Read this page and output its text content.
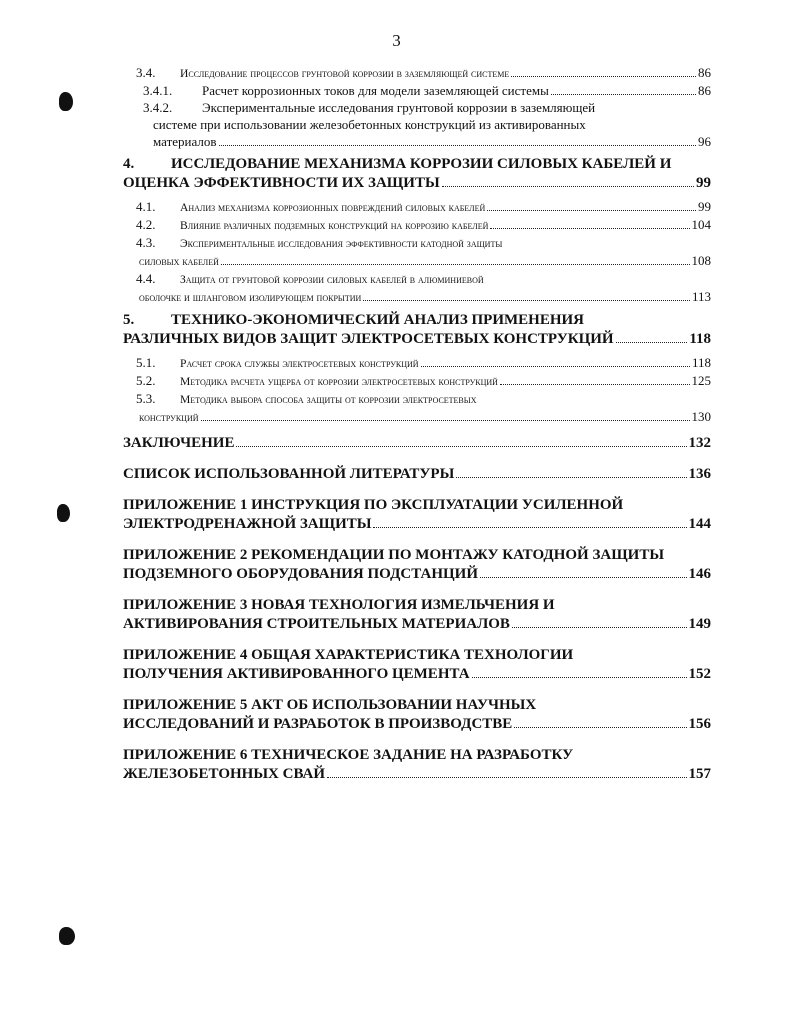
3
3.4.	Исследование процессов грунтовой коррозии в заземляющей системе	86
3.4.1.	Расчет коррозионных токов для модели заземляющей системы	86
3.4.2. Экспериментальные исследования грунтовой коррозии в заземляющей
системе при использовании железобетонных конструкций из активированных
материалов	96
4. ИССЛЕДОВАНИЕ МЕХАНИЗМА КОРРОЗИИ СИЛОВЫХ КАБЕЛЕЙ И
ОЦЕНКА ЭФФЕКТИВНОСТИ ИХ ЗАЩИТЫ	99
4.1.	Анализ механизма коррозионных повреждений силовых кабелей	99
4.2.	Влияние различных подземных конструкций на коррозию кабелей	104
4.3. Экспериментальные исследования эффективности катодной защиты
силовых кабелей	108
4.4. Защита от грунтовой коррозии силовых кабелей в алюминиевой
оболочке и шланговом изолирующем покрытии	113
5. ТЕХНИКО-ЭКОНОМИЧЕСКИЙ АНАЛИЗ ПРИМЕНЕНИЯ
РАЗЛИЧНЫХ ВИДОВ ЗАЩИТ ЭЛЕКТРОСЕТЕВЫХ КОНСТРУКЦИЙ	118
5.1.	Расчет срока службы электросетевых конструкций	118
5.2.	Методика расчета ущерба от коррозии электросетевых конструкций	125
5.3. Методика выбора способа защиты от коррозии электросетевых
конструкций	130
ЗАКЛЮЧЕНИЕ	132
СПИСОК ИСПОЛЬЗОВАННОЙ ЛИТЕРАТУРЫ	136
ПРИЛОЖЕНИЕ 1 ИНСТРУКЦИЯ ПО ЭКСПЛУАТАЦИИ УСИЛЕННОЙ
ЭЛЕКТРОДРЕНАЖНОЙ ЗАЩИТЫ	144
ПРИЛОЖЕНИЕ 2 РЕКОМЕНДАЦИИ ПО МОНТАЖУ КАТОДНОЙ ЗАЩИТЫ
ПОДЗЕМНОГО ОБОРУДОВАНИЯ ПОДСТАНЦИЙ	146
ПРИЛОЖЕНИЕ 3 НОВАЯ ТЕХНОЛОГИЯ ИЗМЕЛЬЧЕНИЯ И
АКТИВИРОВАНИЯ СТРОИТЕЛЬНЫХ МАТЕРИАЛОВ	149
ПРИЛОЖЕНИЕ 4 ОБЩАЯ ХАРАКТЕРИСТИКА ТЕХНОЛОГИИ
ПОЛУЧЕНИЯ АКТИВИРОВАННОГО ЦЕМЕНТА	152
ПРИЛОЖЕНИЕ 5 АКТ ОБ ИСПОЛЬЗОВАНИИ НАУЧНЫХ
ИССЛЕДОВАНИЙ И РАЗРАБОТОК В ПРОИЗВОДСТВЕ	156
ПРИЛОЖЕНИЕ 6 ТЕХНИЧЕСКОЕ ЗАДАНИЕ НА РАЗРАБОТКУ
ЖЕЛЕЗОБЕТОННЫХ СВАЙ	157
